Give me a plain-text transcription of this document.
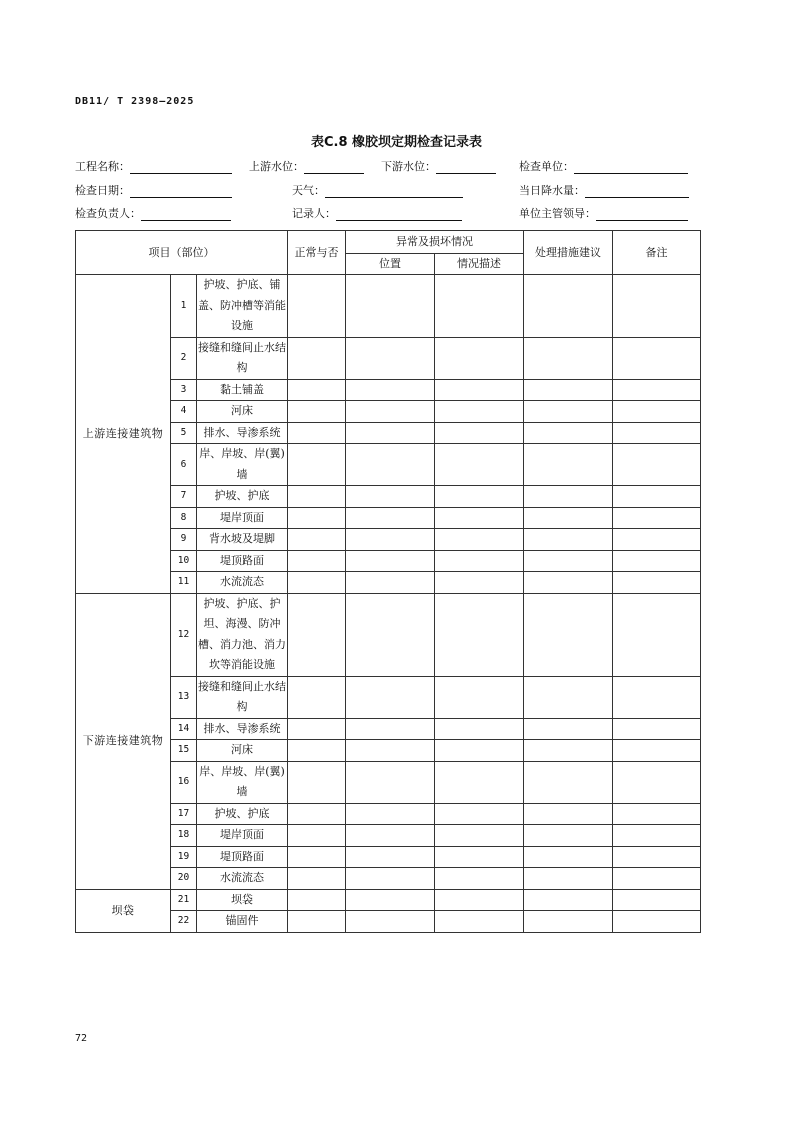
DB11/ T 2398—2025
表C.8 橡胶坝定期检查记录表
工程名称：	上游水位：	下游水位：	检查单位：
检查日期：	天气：	当日降水量：
检查负责人：	记录人：	单位主管领导：
项目（部位）			正常与否	异常及损坏情况		处理措施建议	备注
				位置	情况描述		
上游连接建筑物	1	护坡、护底、铺盖、防冲槽等消能设施					
	2	接缝和缝间止水结构					
	3	黏土铺盖					
	4	河床					
	5	排水、导渗系统					
	6	岸、岸坡、岸(翼)墙					
	7	护坡、护底					
	8	堤岸顶面					
	9	背水坡及堤脚					
	10	堤顶路面					
	11	水流流态					
下游连接建筑物	12	护坡、护底、护坦、海漫、防冲槽、消力池、消力坎等消能设施					
	13	接缝和缝间止水结构					
	14	排水、导渗系统					
	15	河床					
	16	岸、岸坡、岸(翼)墙					
	17	护坡、护底					
	18	堤岸顶面					
	19	堤顶路面					
	20	水流流态					
坝袋	21	坝袋					
	22	锚固件					
72
